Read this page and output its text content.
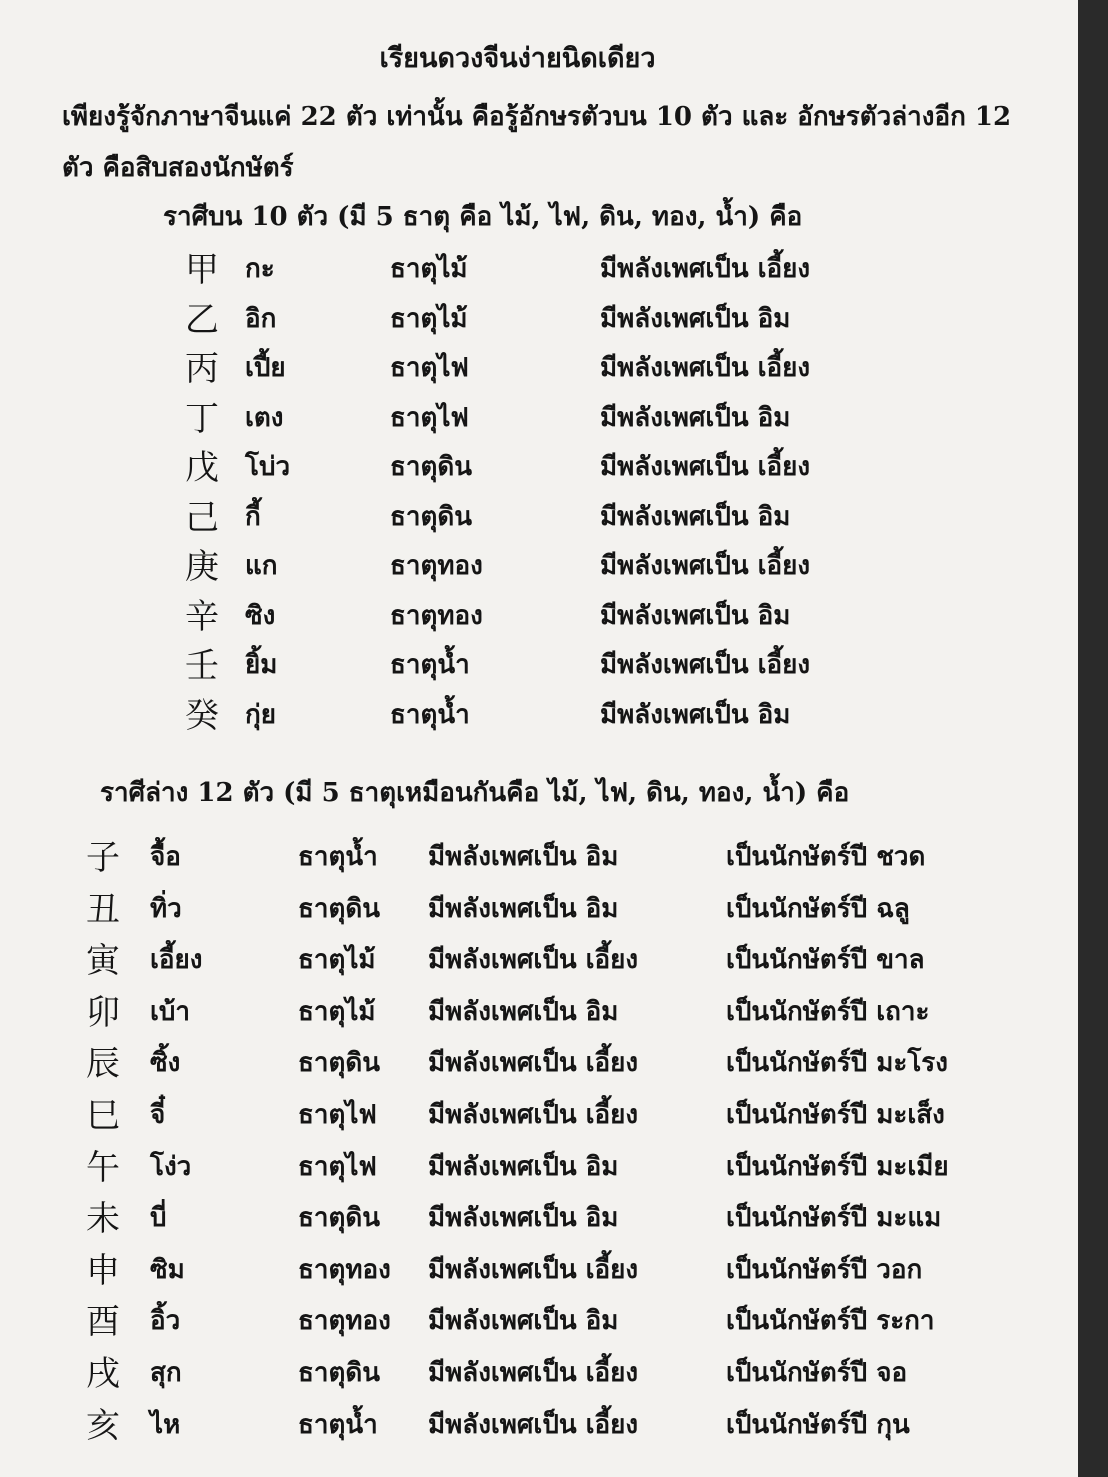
เรียนดวงจีนง่ายนิดเดียว
เพียงรู้จักภาษาจีนแค่ 22 ตัว เท่านั้น คือรู้อักษรตัวบน 10 ตัว และ อักษรตัวล่างอีก 12 ตัว คือสิบสองนักษัตร์
ราศีบน 10 ตัว (มี 5 ธาตุ คือ ไม้, ไฟ, ดิน, ทอง, น้ำ) คือ
甲 กะ	ธาตุไม้	มีพลังเพศเป็น เอี้ยง
乙 อิก	ธาตุไม้	มีพลังเพศเป็น อิม
丙 เปี้ย	ธาตุไฟ	มีพลังเพศเป็น เอี้ยง
丁 เตง	ธาตุไฟ	มีพลังเพศเป็น อิม
戊 โบ่ว	ธาตุดิน	มีพลังเพศเป็น เอี้ยง
己 กี้	ธาตุดิน	มีพลังเพศเป็น อิม
庚 แก	ธาตุทอง	มีพลังเพศเป็น เอี้ยง
辛 ซิง	ธาตุทอง	มีพลังเพศเป็น อิม
壬 ยิ้ม	ธาตุน้ำ	มีพลังเพศเป็น เอี้ยง
癸 กุ่ย	ธาตุน้ำ	มีพลังเพศเป็น อิม
ราศีล่าง 12 ตัว (มี 5 ธาตุเหมือนกันคือ ไม้, ไฟ, ดิน, ทอง, น้ำ) คือ
子 จื้อ	ธาตุน้ำ มีพลังเพศเป็น อิม	เป็นนักษัตร์ปี ชวด
丑 ทิ่ว	ธาตุดิน มีพลังเพศเป็น อิม	เป็นนักษัตร์ปี ฉลู
寅 เอี้ยง	ธาตุไม้ มีพลังเพศเป็น เอี้ยง	เป็นนักษัตร์ปี ขาล
卯 เบ้า	ธาตุไม้ มีพลังเพศเป็น อิม	เป็นนักษัตร์ปี เถาะ
辰 ซิ้ง	ธาตุดิน มีพลังเพศเป็น เอี้ยง	เป็นนักษัตร์ปี มะโรง
巳 จี๋	ธาตุไฟ มีพลังเพศเป็น เอี้ยง	เป็นนักษัตร์ปี มะเส็ง
午 โง่ว	ธาตุไฟ มีพลังเพศเป็น อิม	เป็นนักษัตร์ปี มะเมีย
未 บี่	ธาตุดิน มีพลังเพศเป็น อิม	เป็นนักษัตร์ปี มะแม
申 ซิม	ธาตุทอง มีพลังเพศเป็น เอี้ยง	เป็นนักษัตร์ปี วอก
酉 อิ้ว	ธาตุทอง มีพลังเพศเป็น อิม	เป็นนักษัตร์ปี ระกา
戌 สุก	ธาตุดิน มีพลังเพศเป็น เอี้ยง	เป็นนักษัตร์ปี จอ
亥 ไห	ธาตุน้ำ มีพลังเพศเป็น เอี้ยง	เป็นนักษัตร์ปี กุน
